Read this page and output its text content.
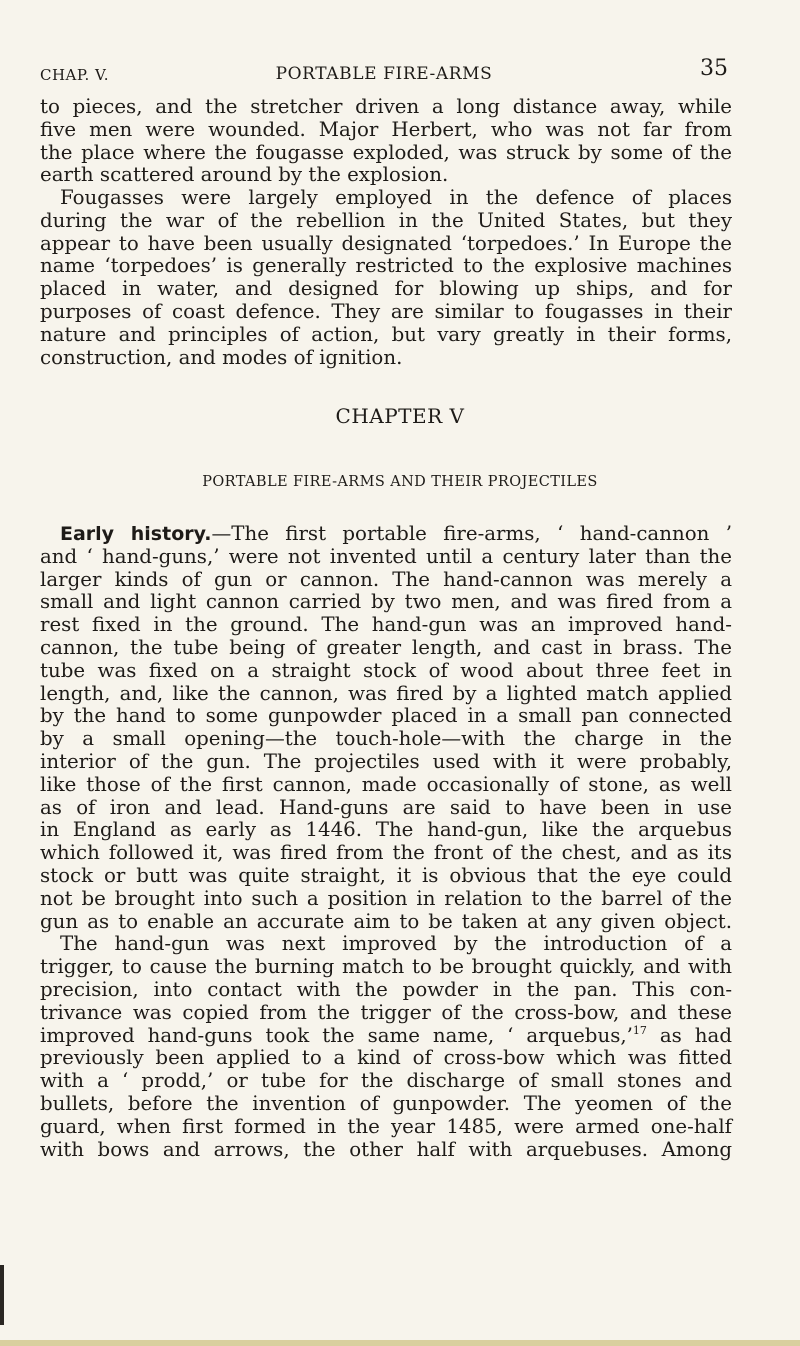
CHAP. V.	PORTABLE FIRE-ARMS	35
to pieces, and the stretcher driven a long distance away, while
five men were wounded. Major Herbert, who was not far from
the place where the fougasse exploded, was struck by some of the
earth scattered around by the explosion.
Fougasses were largely employed in the defence of places
during the war of the rebellion in the United States, but they
appear to have been usually designated ‘torpedoes.’ In Europe the
name ‘torpedoes’ is generally restricted to the explosive machines
placed in water, and designed for blowing up ships, and for
purposes of coast defence. They are similar to fougasses in their
nature and principles of action, but vary greatly in their forms,
construction, and modes of ignition.
CHAPTER V
PORTABLE FIRE-ARMS AND THEIR PROJECTILES
Early history.—The first portable fire-arms, ‘ hand-cannon ’
and ‘ hand-guns,’ were not invented until a century later than the
larger kinds of gun or cannon. The hand-cannon was merely a
small and light cannon carried by two men, and was fired from a
rest fixed in the ground. The hand-gun was an improved hand-
cannon, the tube being of greater length, and cast in brass. The
tube was fixed on a straight stock of wood about three feet in
length, and, like the cannon, was fired by a lighted match applied
by the hand to some gunpowder placed in a small pan connected
by a small opening—the touch-hole—with the charge in the
interior of the gun. The projectiles used with it were probably,
like those of the first cannon, made occasionally of stone, as well
as of iron and lead. Hand-guns are said to have been in use
in England as early as 1446. The hand-gun, like the arquebus
which followed it, was fired from the front of the chest, and as its
stock or butt was quite straight, it is obvious that the eye could
not be brought into such a position in relation to the barrel of the
gun as to enable an accurate aim to be taken at any given object.
The hand-gun was next improved by the introduction of a
trigger, to cause the burning match to be brought quickly, and with
precision, into contact with the powder in the pan. This con-
trivance was copied from the trigger of the cross-bow, and these
improved hand-guns took the same name, ‘ arquebus,’$^{17}$ as had
previously been applied to a kind of cross-bow which was fitted
with a ‘ prodd,’ or tube for the discharge of small stones and
bullets, before the invention of gunpowder. The yeomen of the
guard, when first formed in the year 1485, were armed one-half
with bows and arrows, the other half with arquebuses. Among
